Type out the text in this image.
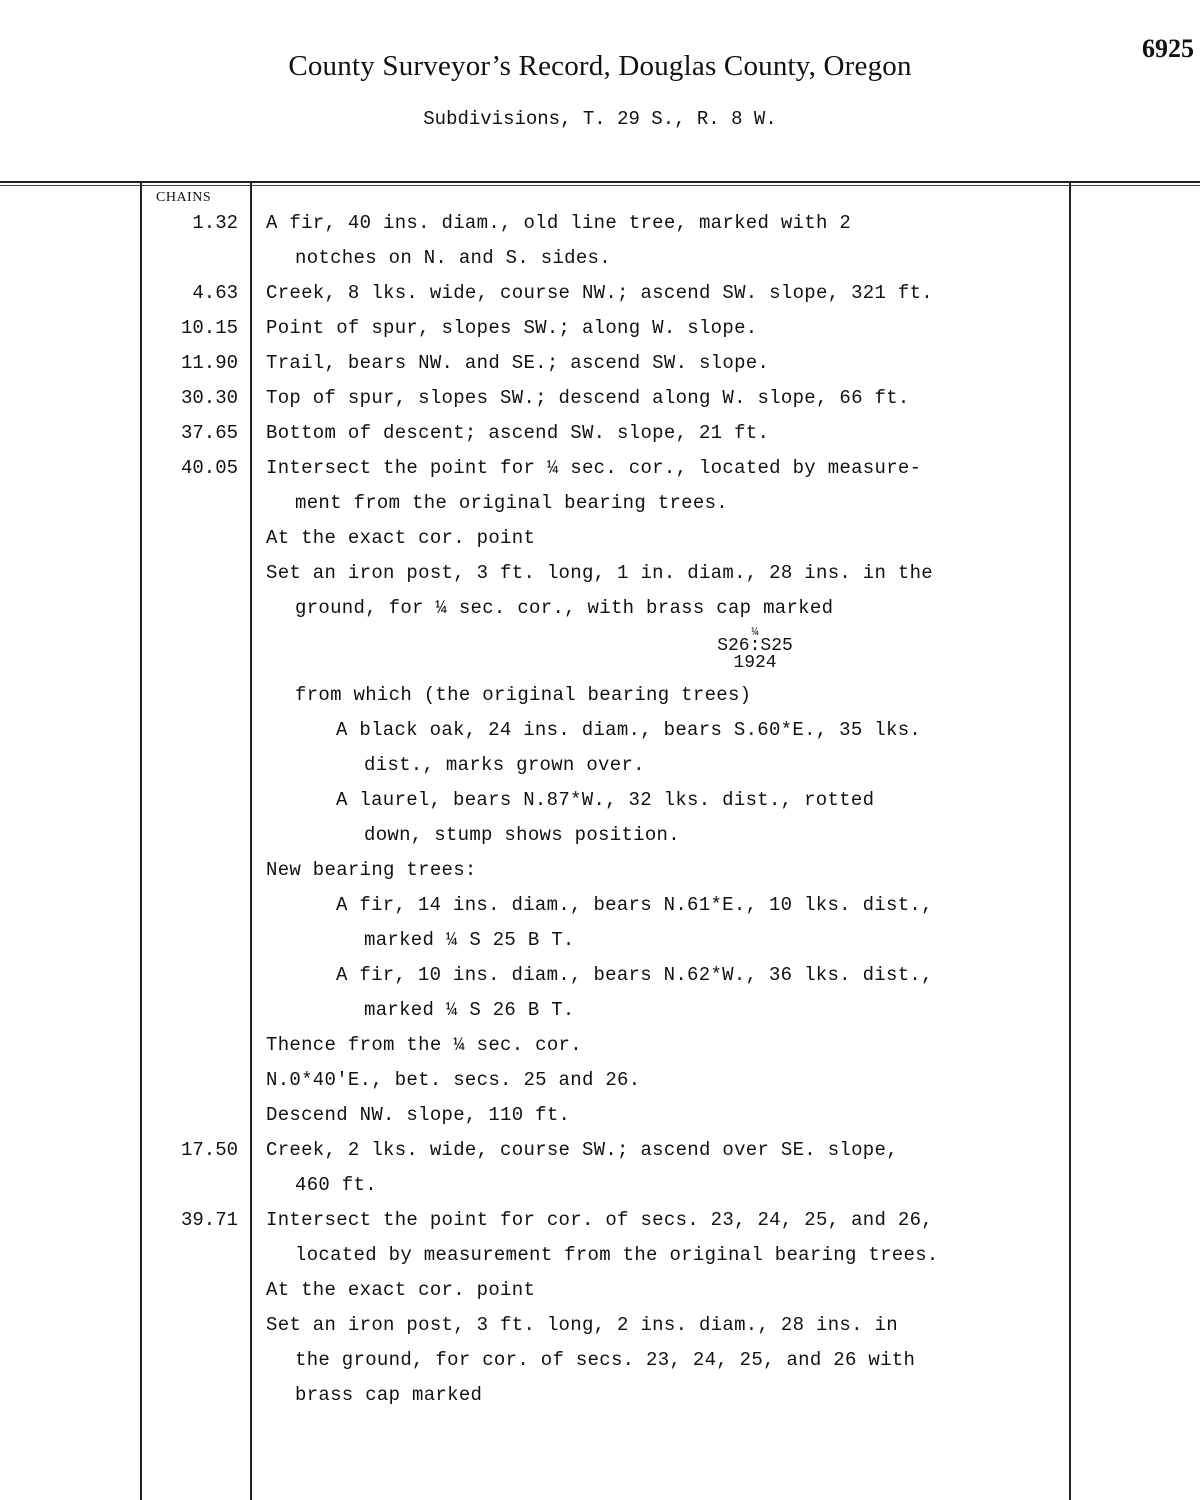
County Surveyor’s Record, Douglas County, Oregon
6925
Subdivisions, T. 29 S., R. 8 W.
CHAINS
1.32 A fir, 40 ins. diam., old line tree, marked with 2
notches on N. and S. sides.
4.63 Creek, 8 lks. wide, course NW.; ascend SW. slope, 321 ft.
10.15 Point of spur, slopes SW.; along W. slope.
11.90 Trail, bears NW. and SE.; ascend SW. slope.
30.30 Top of spur, slopes SW.; descend along W. slope, 66 ft.
37.65 Bottom of descent; ascend SW. slope, 21 ft.
40.05 Intersect the point for ¼ sec. cor., located by measure-
ment from the original bearing trees.
At the exact cor. point
Set an iron post, 3 ft. long, 1 in. diam., 28 ins. in the
ground, for ¼ sec. cor., with brass cap marked
¼
S26:S25
1924
from which (the original bearing trees)
A black oak, 24 ins. diam., bears S.60*E., 35 lks.
dist., marks grown over.
A laurel, bears N.87*W., 32 lks. dist., rotted
down, stump shows position.
New bearing trees:
A fir, 14 ins. diam., bears N.61*E., 10 lks. dist.,
marked ¼ S 25 B T.
A fir, 10 ins. diam., bears N.62*W., 36 lks. dist.,
marked ¼ S 26 B T.
Thence from the ¼ sec. cor.
N.0*40'E., bet. secs. 25 and 26.
Descend NW. slope, 110 ft.
17.50 Creek, 2 lks. wide, course SW.; ascend over SE. slope,
460 ft.
39.71 Intersect the point for cor. of secs. 23, 24, 25, and 26,
located by measurement from the original bearing trees.
At the exact cor. point
Set an iron post, 3 ft. long, 2 ins. diam., 28 ins. in
the ground, for cor. of secs. 23, 24, 25, and 26 with
brass cap marked
